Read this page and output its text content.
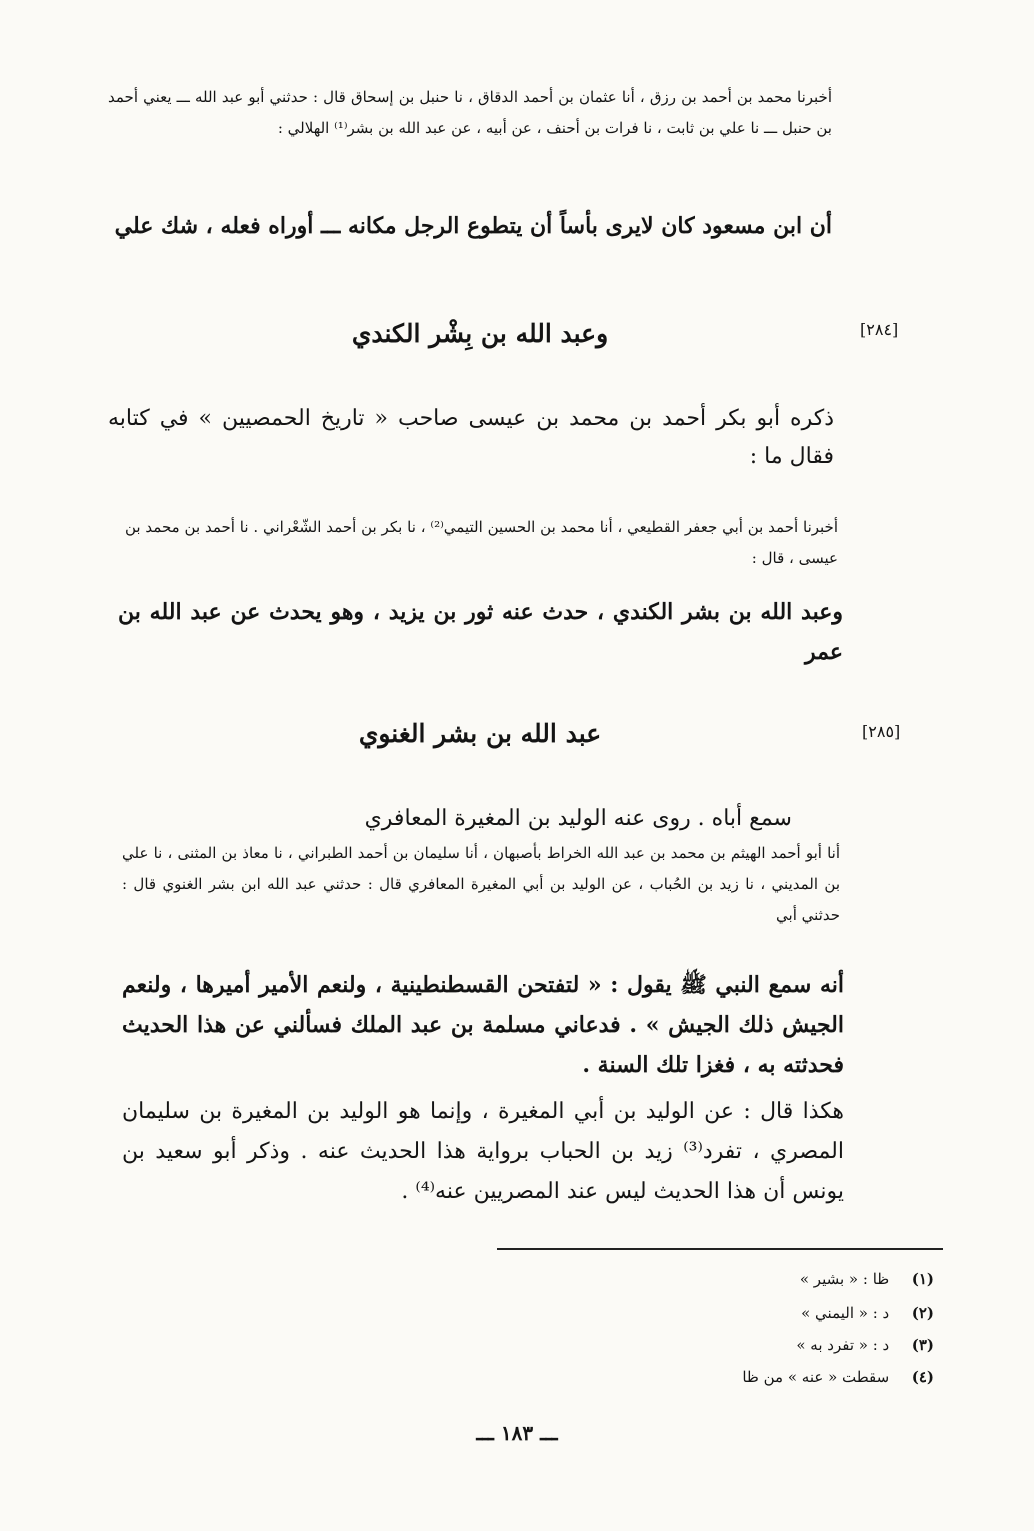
أخبرنا محمد بن أحمد بن رزق ، أنا عثمان بن أحمد الدقاق ، نا حنبل بن إسحاق قال : حدثني أبو عبد الله ـــ يعني أحمد بن حنبل ـــ نا علي بن ثابت ، نا فرات بن أحنف ، عن أبيه ، عن عبد الله بن بشر⁽¹⁾ الهلالي :

أن ابن مسعود كان لايرى بأساً أن يتطوع الرجل مكانه ـــ أوراه فعله ، شك علي

[٢٨٤]
وعبد الله بن بِشْر الكندي

ذكره أبو بكر أحمد بن محمد بن عيسى صاحب « تاريخ الحمصيين » في كتابه فقال ما :

أخبرنا أحمد بن أبي جعفر القطيعي ، أنا محمد بن الحسين التيمي⁽²⁾ ، نا بكر بن أحمد الشّعْراني . نا أحمد بن محمد بن عيسى ، قال :

وعبد الله بن بشر الكندي ، حدث عنه ثور بن يزيد ، وهو يحدث عن عبد الله بن عمر

[٢٨٥]
عبد الله بن بشر الغنوي

سمع أباه . روى عنه الوليد بن المغيرة المعافري

أنا أبو أحمد الهيثم بن محمد بن عبد الله الخراط بأصبهان ، أنا سليمان بن أحمد الطبراني ، نا معاذ بن المثنى ، نا علي بن المديني ، نا زيد بن الحُباب ، عن الوليد بن أبي المغيرة المعافري قال : حدثني عبد الله ابن بشر الغنوي قال : حدثني أبي

أنه سمع النبي ﷺ يقول : « لتفتحن القسطنطينية ، ولنعم الأمير أميرها ، ولنعم الجيش ذلك الجيش » . فدعاني مسلمة بن عبد الملك فسألني عن هذا الحديث فحدثته به ، فغزا تلك السنة .

هكذا قال : عن الوليد بن أبي المغيرة ، وإنما هو الوليد بن المغيرة بن سليمان المصري ، تفرد⁽³⁾ زيد بن الحباب برواية هذا الحديث عنه . وذكر أبو سعيد بن يونس أن هذا الحديث ليس عند المصريين عنه⁽⁴⁾ .

(١) ظا : « بشير »
(٢) د : « اليمني »
(٣) د : « تفرد به »
(٤) سقطت « عنه » من ظا
ـــ ١٨٣ ـــ
